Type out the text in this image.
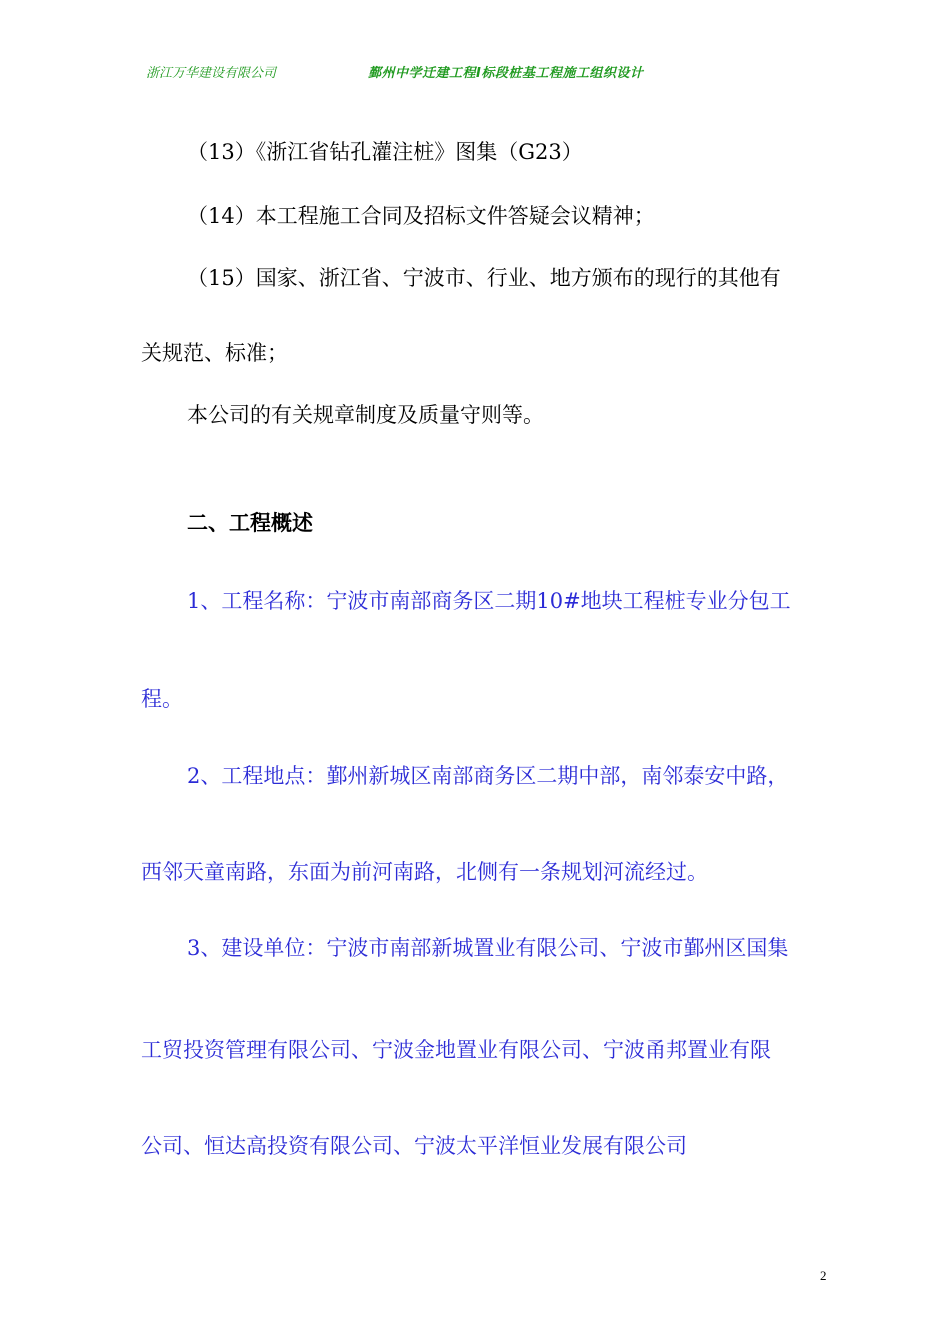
浙江万华建设有限公司	鄞州中学迁建工程Ⅰ标段桩基工程施工组织设计
（13）《浙江省钻孔灌注桩》图集（G23）
（14）本工程施工合同及招标文件答疑会议精神；
（15）国家、浙江省、宁波市、行业、地方颁布的现行的其他有
关规范、标准；
本公司的有关规章制度及质量守则等。
二、工程概述
1、工程名称：宁波市南部商务区二期10#地块工程桩专业分包工
程。
2、工程地点：鄞州新城区南部商务区二期中部，南邻泰安中路，
西邻天童南路，东面为前河南路，北侧有一条规划河流经过。
3、建设单位：宁波市南部新城置业有限公司、宁波市鄞州区国集
工贸投资管理有限公司、宁波金地置业有限公司、宁波甬邦置业有限
公司、恒达高投资有限公司、宁波太平洋恒业发展有限公司
2
